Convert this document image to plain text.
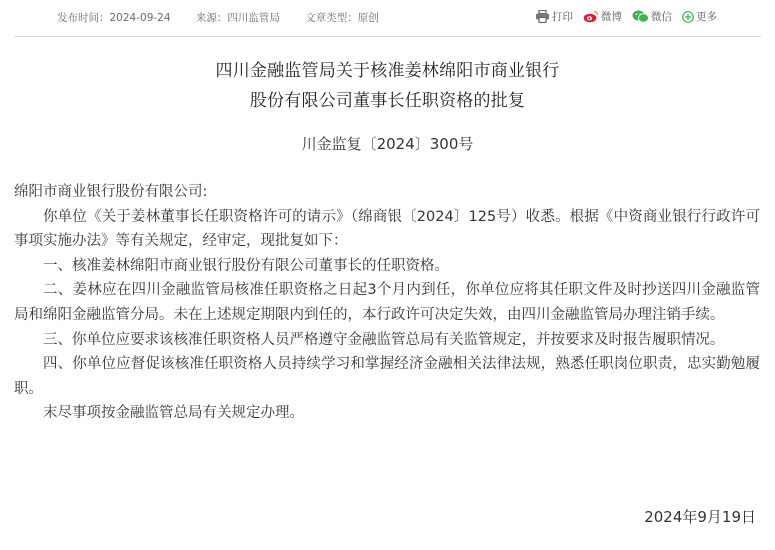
发布时间：2024-09-24 来源：四川监管局 文章类型：原创	打印	微博	微信 更多
四川金融监管局关于核准姜林绵阳市商业银行
股份有限公司董事长任职资格的批复
川金监复〔2024〕300号

绵阳市商业银行股份有限公司:

你单位《关于姜林董事长任职资格许可的请示》（绵商银〔2024〕125号）收悉。根据《中资商业银行行政许可事项实施办法》等有关规定，经审定，现批复如下：

一、核准姜林绵阳市商业银行股份有限公司董事长的任职资格。

二、姜林应在四川金融监管局核准任职资格之日起3个月内到任，你单位应将其任职文件及时抄送四川金融监管局和绵阳金融监管分局。未在上述规定期限内到任的，本行政许可决定失效，由四川金融监管局办理注销手续。

三、你单位应要求该核准任职资格人员严格遵守金融监管总局有关监管规定，并按要求及时报告履职情况。

四、你单位应督促该核准任职资格人员持续学习和掌握经济金融相关法律法规，熟悉任职岗位职责，忠实勤勉履职。

末尽事项按金融监管总局有关规定办理。

2024年9月19日
